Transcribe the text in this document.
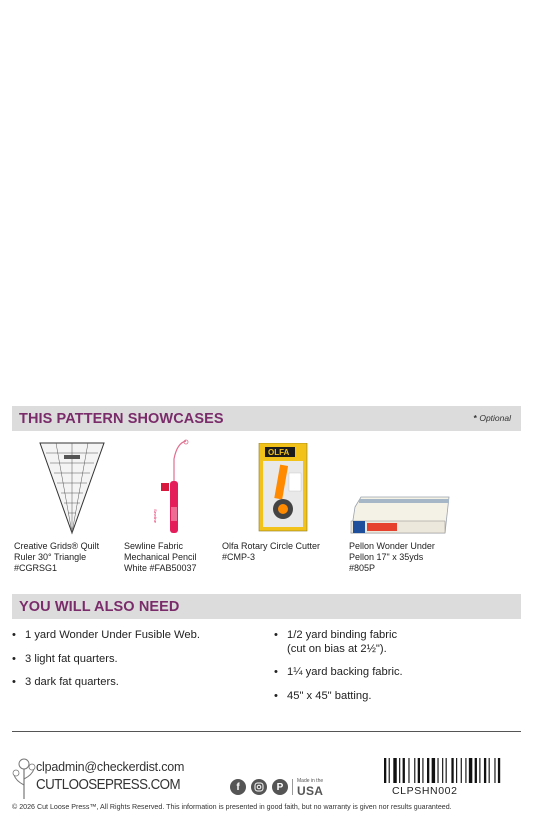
THIS PATTERN SHOWCASES	* Optional
Creative Grids® Quilt
Ruler 30° Triangle
#CGRSG1
Sewline
Sewline Fabric
Mechanical Pencil
White #FAB50037
OLFA
Olfa Rotary Circle Cutter
#CMP-3
Pellon Wonder Under
Pellon 17" x 35yds
#805P
YOU WILL ALSO NEED
• 1 yard Wonder Under Fusible Web.
• 3 light fat quarters.
• 3 dark fat quarters.
• 1/2 yard binding fabric
(cut on bias at 2½").
• 1¼ yard backing fabric.
• 45" x 45" batting.
clpadmin@checkerdist.com
CUTLOOSEPRESS.COM	f	P
Made in the
USA	CLPSHN002
© 2026 Cut Loose Press™, All Rights Reserved. This information is presented in good faith, but no warranty is given nor results guaranteed.
